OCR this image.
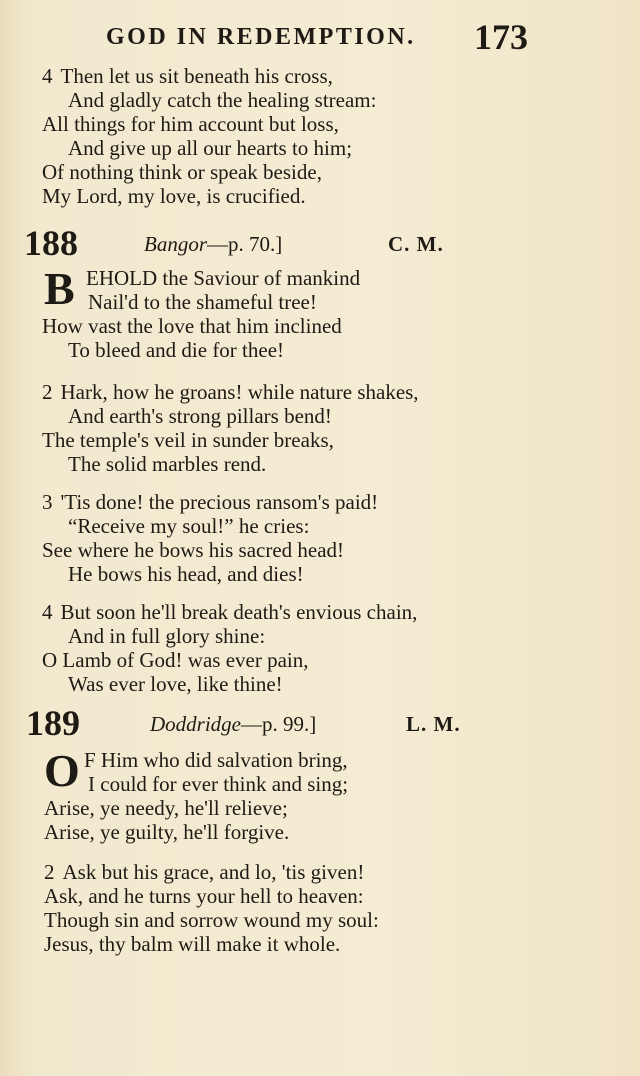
GOD IN REDEMPTION. 173
4 Then let us sit beneath his cross,
And gladly catch the healing stream:
All things for him account but loss,
And give up all our hearts to him;
Of nothing think or speak beside,
My Lord, my love, is crucified.
188	Bangor—p. 70.]	C. M.
B EHOLD the Saviour of mankind
Nail'd to the shameful tree!
How vast the love that him inclined
To bleed and die for thee!
2 Hark, how he groans! while nature shakes,
And earth's strong pillars bend!
The temple's veil in sunder breaks,
The solid marbles rend.
3 'Tis done! the precious ransom's paid!
“Receive my soul!” he cries:
See where he bows his sacred head!
He bows his head, and dies!
4 But soon he'll break death's envious chain,
And in full glory shine:
O Lamb of God! was ever pain,
Was ever love, like thine!
189	Doddridge—p. 99.]	L. M.
O F Him who did salvation bring,
I could for ever think and sing;
Arise, ye needy, he'll relieve;
Arise, ye guilty, he'll forgive.
2 Ask but his grace, and lo, 'tis given!
Ask, and he turns your hell to heaven:
Though sin and sorrow wound my soul:
Jesus, thy balm will make it whole.
